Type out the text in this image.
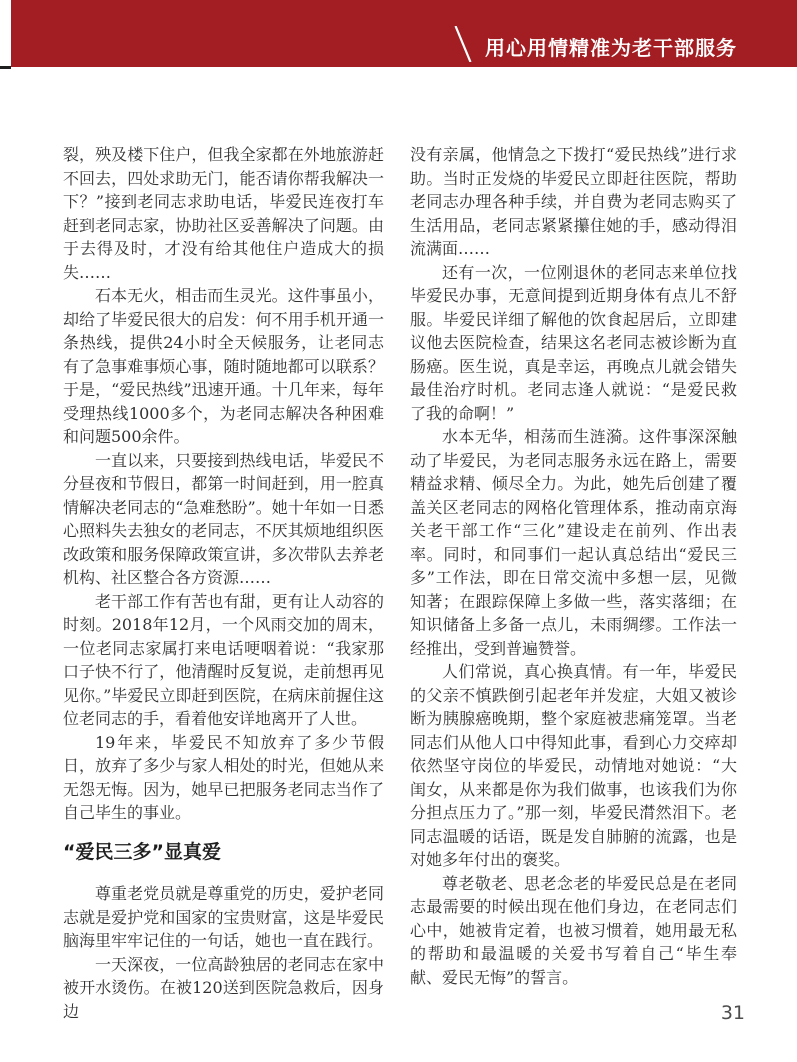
用心用情精准为老干部服务

裂，殃及楼下住户，但我全家都在外地旅游赶不回去，四处求助无门，能否请你帮我解决一下？”接到老同志求助电话，毕爱民连夜打车赶到老同志家，协助社区妥善解决了问题。由于去得及时，才没有给其他住户造成大的损失……

石本无火，相击而生灵光。这件事虽小，却给了毕爱民很大的启发：何不用手机开通一条热线，提供24小时全天候服务，让老同志有了急事难事烦心事，随时随地都可以联系？于是，“爱民热线”迅速开通。十几年来，每年受理热线1000多个，为老同志解决各种困难和问题500余件。

一直以来，只要接到热线电话，毕爱民不分昼夜和节假日，都第一时间赶到，用一腔真情解决老同志的“急难愁盼”。她十年如一日悉心照料失去独女的老同志，不厌其烦地组织医改政策和服务保障政策宣讲，多次带队去养老机构、社区整合各方资源……

老干部工作有苦也有甜，更有让人动容的时刻。2018年12月，一个风雨交加的周末，一位老同志家属打来电话哽咽着说：“我家那口子快不行了，他清醒时反复说，走前想再见见你。”毕爱民立即赶到医院，在病床前握住这位老同志的手，看着他安详地离开了人世。

19年来，毕爱民不知放弃了多少节假日，放弃了多少与家人相处的时光，但她从来无怨无悔。因为，她早已把服务老同志当作了自己毕生的事业。

“爱民三多”显真爱

尊重老党员就是尊重党的历史，爱护老同志就是爱护党和国家的宝贵财富，这是毕爱民脑海里牢牢记住的一句话，她也一直在践行。

一天深夜，一位高龄独居的老同志在家中被开水烫伤。在被120送到医院急救后，因身边

没有亲属，他情急之下拨打“爱民热线”进行求助。当时正发烧的毕爱民立即赶往医院，帮助老同志办理各种手续，并自费为老同志购买了生活用品，老同志紧紧攥住她的手，感动得泪流满面……

还有一次，一位刚退休的老同志来单位找毕爱民办事，无意间提到近期身体有点儿不舒服。毕爱民详细了解他的饮食起居后，立即建议他去医院检查，结果这名老同志被诊断为直肠癌。医生说，真是幸运，再晚点儿就会错失最佳治疗时机。老同志逢人就说：“是爱民救了我的命啊！”

水本无华，相荡而生涟漪。这件事深深触动了毕爱民，为老同志服务永远在路上，需要精益求精、倾尽全力。为此，她先后创建了覆盖关区老同志的网格化管理体系，推动南京海关老干部工作“三化”建设走在前列、作出表率。同时，和同事们一起认真总结出“爱民三多”工作法，即在日常交流中多想一层，见微知著；在跟踪保障上多做一些，落实落细；在知识储备上多备一点儿，未雨绸缪。工作法一经推出，受到普遍赞誉。

人们常说，真心换真情。有一年，毕爱民的父亲不慎跌倒引起老年并发症，大姐又被诊断为胰腺癌晚期，整个家庭被悲痛笼罩。当老同志们从他人口中得知此事，看到心力交瘁却依然坚守岗位的毕爱民，动情地对她说：“大闺女，从来都是你为我们做事，也该我们为你分担点压力了。”那一刻，毕爱民潸然泪下。老同志温暖的话语，既是发自肺腑的流露，也是对她多年付出的褒奖。

尊老敬老、思老念老的毕爱民总是在老同志最需要的时候出现在他们身边，在老同志们心中，她被肯定着，也被习惯着，她用最无私的帮助和最温暖的关爱书写着自己“毕生奉献、爱民无悔”的誓言。

31
